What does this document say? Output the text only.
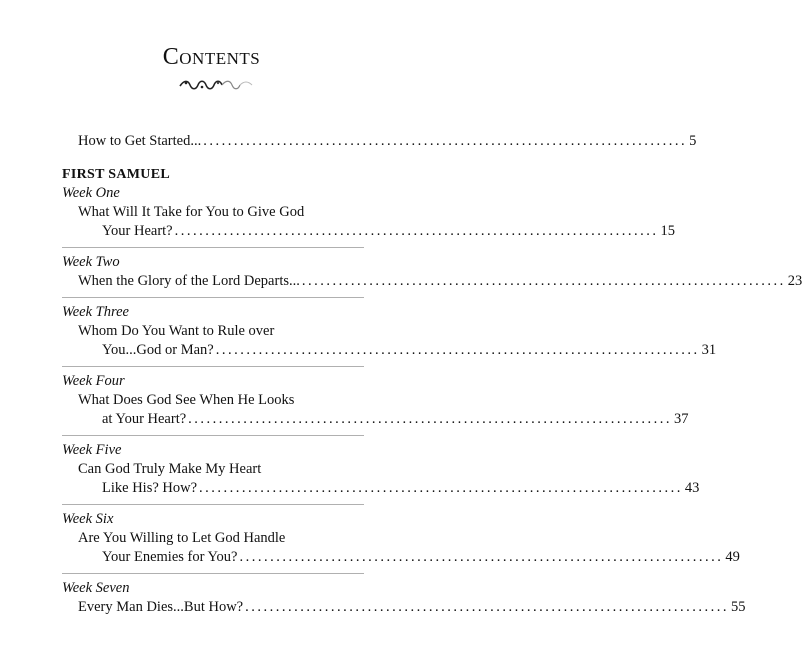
Contents
How to Get Started... ............................................................................... 5
FIRST SAMUEL
Week One
What Will It Take for You to Give God
Your Heart? ............................................................................... 15
Week Two
When the Glory of the Lord Departs... ............................................................................... 23
Week Three
Whom Do You Want to Rule over
You...God or Man? ............................................................................... 31
Week Four
What Does God See When He Looks
at Your Heart? ............................................................................... 37
Week Five
Can God Truly Make My Heart
Like His? How? ............................................................................... 43
Week Six
Are You Willing to Let God Handle
Your Enemies for You? ............................................................................... 49
Week Seven
Every Man Dies...But How? ............................................................................... 55
